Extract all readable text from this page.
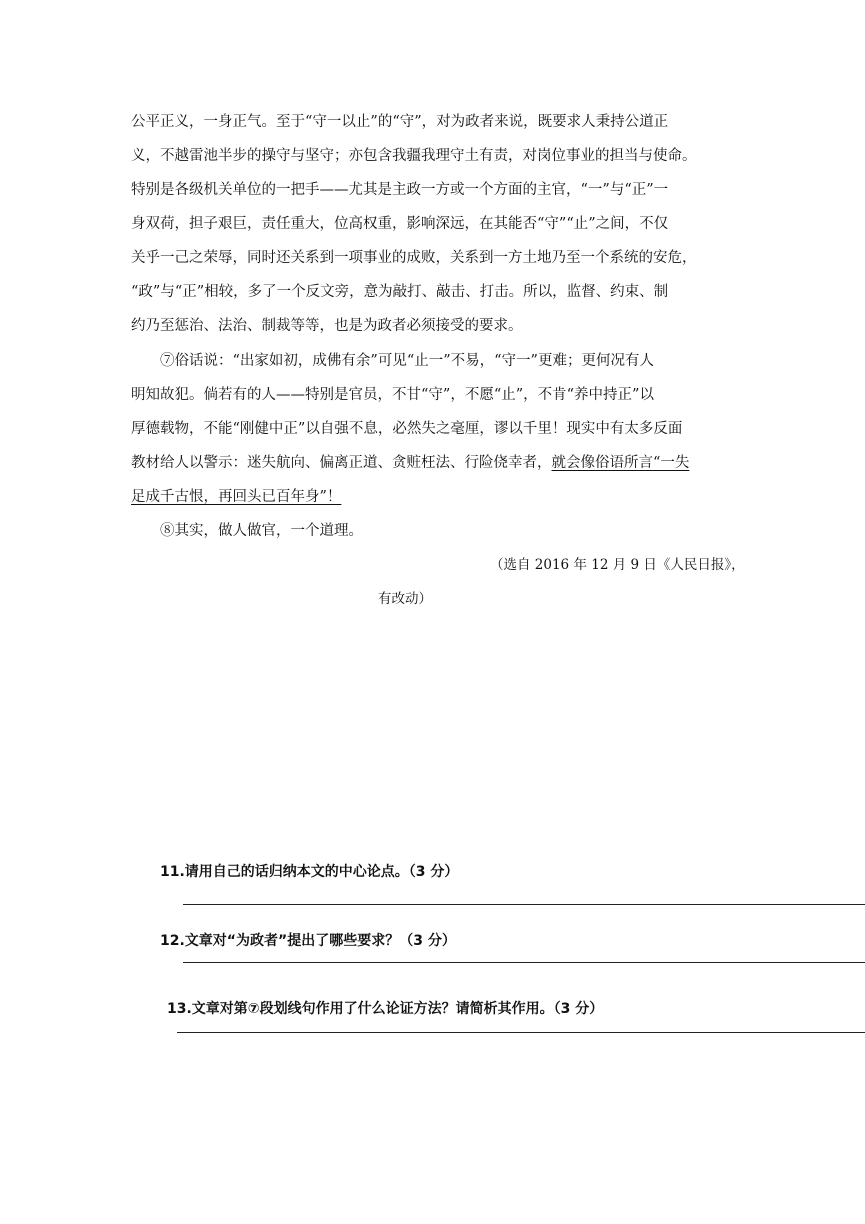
公平正义，一身正气。至于“守一以止”的“守”，对为政者来说，既要求人秉持公道正
义，不越雷池半步的操守与坚守；亦包含我疆我理守土有责，对岗位事业的担当与使命。
特别是各级机关单位的一把手——尤其是主政一方或一个方面的主官，“一”与“正”一
身双荷，担子艰巨，责任重大，位高权重，影响深远，在其能否“守”“止”之间，不仅
关乎一己之荣辱，同时还关系到一项事业的成败，关系到一方土地乃至一个系统的安危，
“政”与“正”相较，多了一个反文旁，意为敲打、敲击、打击。所以，监督、约束、制
约乃至惩治、法治、制裁等等，也是为政者必须接受的要求。
⑦俗话说：“出家如初，成佛有余”可见“止一”不易，“守一”更难；更何况有人
明知故犯。倘若有的人——特别是官员，不甘“守”，不愿“止”，不肯“养中持正”以
厚德载物，不能“刚健中正”以自强不息，必然失之毫厘，谬以千里！现实中有太多反面
教材给人以警示：迷失航向、偏离正道、贪赃枉法、行险侥幸者，就会像俗语所言“一失
足成千古恨，再回头已百年身”！
⑧其实，做人做官，一个道理。
（选自 2016 年 12 月 9 日《人民日报》，
有改动）
11.请用自己的话归纳本文的中心论点。（3 分）
12.文章对“为政者”提出了哪些要求？（3 分）
13.文章对第⑦段划线句作用了什么论证方法？请简析其作用。（3 分）
